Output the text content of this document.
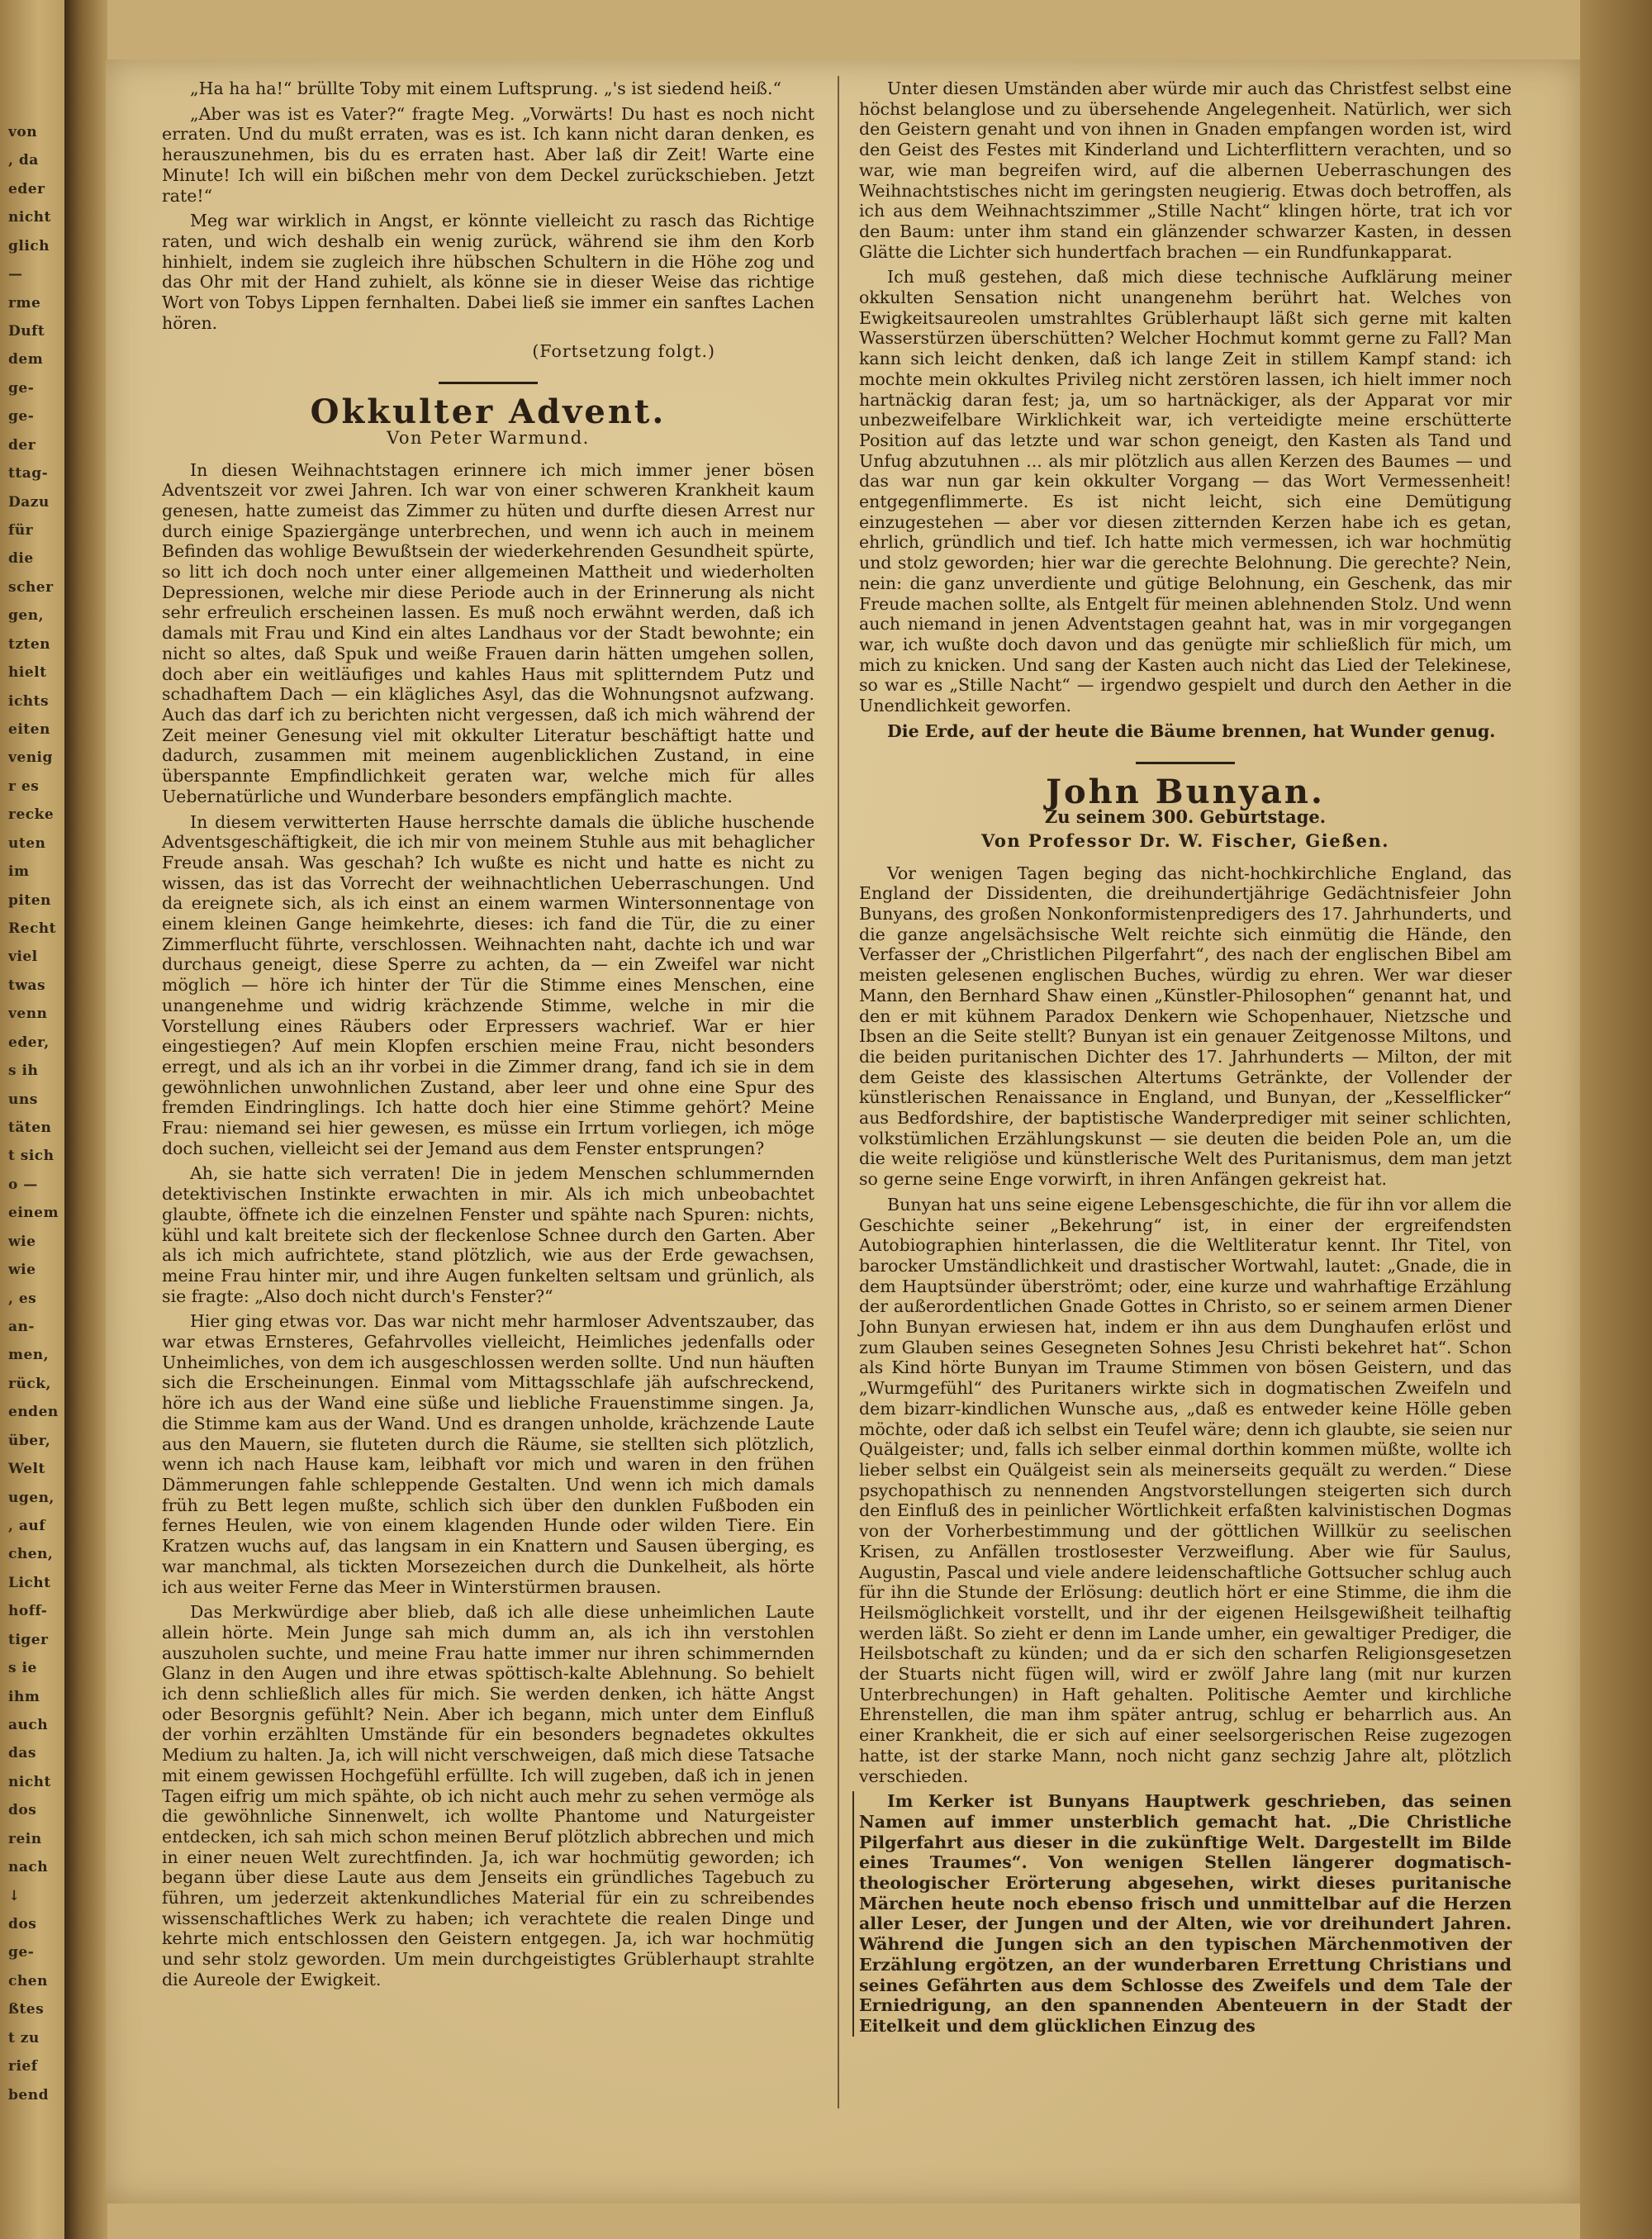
von
, da
eder
nicht
glich
—
rme
Duft
dem
ge-
ge-
der
ttag-
Dazu
für
die
scher
gen,
tzten
hielt
ichts
eiten
venig
r es
recke
uten
im
piten
Recht
viel
twas
venn
eder,
s ih
uns
täten
t sich
o —
einem
wie
wie
, es
an-
men,
rück,
enden
über,
Welt
ugen,
, auf
chen,
Licht
hoff-
tiger
s ie
ihm
auch
das
nicht
dos
rein
nach
↓
dos
ge-
chen
ßtes
t zu
rief
bend

„Ha ha ha!“ brüllte Toby mit einem Luftsprung. „'s ist siedend heiß.“

„Aber was ist es Vater?“ fragte Meg. „Vorwärts! Du hast es noch nicht erraten. Und du mußt erraten, was es ist. Ich kann nicht daran denken, es herauszunehmen, bis du es erraten hast. Aber laß dir Zeit! Warte eine Minute! Ich will ein bißchen mehr von dem Deckel zurückschieben. Jetzt rate!“

Meg war wirklich in Angst, er könnte vielleicht zu rasch das Richtige raten, und wich deshalb ein wenig zurück, während sie ihm den Korb hinhielt, indem sie zugleich ihre hübschen Schultern in die Höhe zog und das Ohr mit der Hand zuhielt, als könne sie in dieser Weise das richtige Wort von Tobys Lippen fernhalten. Dabei ließ sie immer ein sanftes Lachen hören.

(Fortsetzung folgt.)

Okkulter Advent.

Von Peter Warmund.

In diesen Weihnachtstagen erinnere ich mich immer jener bösen Adventszeit vor zwei Jahren. Ich war von einer schweren Krankheit kaum genesen, hatte zumeist das Zimmer zu hüten und durfte diesen Arrest nur durch einige Spaziergänge unterbrechen, und wenn ich auch in meinem Befinden das wohlige Bewußtsein der wiederkehrenden Gesundheit spürte, so litt ich doch noch unter einer allgemeinen Mattheit und wiederholten Depressionen, welche mir diese Periode auch in der Erinnerung als nicht sehr erfreulich erscheinen lassen. Es muß noch erwähnt werden, daß ich damals mit Frau und Kind ein altes Landhaus vor der Stadt bewohnte; ein nicht so altes, daß Spuk und weiße Frauen darin hätten umgehen sollen, doch aber ein weitläufiges und kahles Haus mit splitterndem Putz und schadhaftem Dach — ein klägliches Asyl, das die Wohnungsnot aufzwang. Auch das darf ich zu berichten nicht vergessen, daß ich mich während der Zeit meiner Genesung viel mit okkulter Literatur beschäftigt hatte und dadurch, zusammen mit meinem augenblicklichen Zustand, in eine überspannte Empfindlichkeit geraten war, welche mich für alles Uebernatürliche und Wunderbare besonders empfänglich machte.

In diesem verwitterten Hause herrschte damals die übliche huschende Adventsgeschäftigkeit, die ich mir von meinem Stuhle aus mit behaglicher Freude ansah. Was geschah? Ich wußte es nicht und hatte es nicht zu wissen, das ist das Vorrecht der weihnachtlichen Ueberraschungen. Und da ereignete sich, als ich einst an einem warmen Wintersonnentage von einem kleinen Gange heimkehrte, dieses: ich fand die Tür, die zu einer Zimmerflucht führte, verschlossen. Weihnachten naht, dachte ich und war durchaus geneigt, diese Sperre zu achten, da — ein Zweifel war nicht möglich — höre ich hinter der Tür die Stimme eines Menschen, eine unangenehme und widrig krächzende Stimme, welche in mir die Vorstellung eines Räubers oder Erpressers wachrief. War er hier eingestiegen? Auf mein Klopfen erschien meine Frau, nicht besonders erregt, und als ich an ihr vorbei in die Zimmer drang, fand ich sie in dem gewöhnlichen unwohnlichen Zustand, aber leer und ohne eine Spur des fremden Eindringlings. Ich hatte doch hier eine Stimme gehört? Meine Frau: niemand sei hier gewesen, es müsse ein Irrtum vorliegen, ich möge doch suchen, vielleicht sei der Jemand aus dem Fenster entsprungen?

Ah, sie hatte sich verraten! Die in jedem Menschen schlummernden detektivischen Instinkte erwachten in mir. Als ich mich unbeobachtet glaubte, öffnete ich die einzelnen Fenster und spähte nach Spuren: nichts, kühl und kalt breitete sich der fleckenlose Schnee durch den Garten. Aber als ich mich aufrichtete, stand plötzlich, wie aus der Erde gewachsen, meine Frau hinter mir, und ihre Augen funkelten seltsam und grünlich, als sie fragte: „Also doch nicht durch's Fenster?“

Hier ging etwas vor. Das war nicht mehr harmloser Adventszauber, das war etwas Ernsteres, Gefahrvolles vielleicht, Heimliches jedenfalls oder Unheimliches, von dem ich ausgeschlossen werden sollte. Und nun häuften sich die Erscheinungen. Einmal vom Mittagsschlafe jäh aufschreckend, höre ich aus der Wand eine süße und liebliche Frauenstimme singen. Ja, die Stimme kam aus der Wand. Und es drangen unholde, krächzende Laute aus den Mauern, sie fluteten durch die Räume, sie stellten sich plötzlich, wenn ich nach Hause kam, leibhaft vor mich und waren in den frühen Dämmerungen fahle schleppende Gestalten. Und wenn ich mich damals früh zu Bett legen mußte, schlich sich über den dunklen Fußboden ein fernes Heulen, wie von einem klagenden Hunde oder wilden Tiere. Ein Kratzen wuchs auf, das langsam in ein Knattern und Sausen überging, es war manchmal, als tickten Morsezeichen durch die Dunkelheit, als hörte ich aus weiter Ferne das Meer in Winterstürmen brausen.

Das Merkwürdige aber blieb, daß ich alle diese unheimlichen Laute allein hörte. Mein Junge sah mich dumm an, als ich ihn verstohlen auszuholen suchte, und meine Frau hatte immer nur ihren schimmernden Glanz in den Augen und ihre etwas spöttisch-kalte Ablehnung. So behielt ich denn schließlich alles für mich. Sie werden denken, ich hätte Angst oder Besorgnis gefühlt? Nein. Aber ich begann, mich unter dem Einfluß der vorhin erzählten Umstände für ein besonders begnadetes okkultes Medium zu halten. Ja, ich will nicht verschweigen, daß mich diese Tatsache mit einem gewissen Hochgefühl erfüllte. Ich will zugeben, daß ich in jenen Tagen eifrig um mich spähte, ob ich nicht auch mehr zu sehen vermöge als die gewöhnliche Sinnenwelt, ich wollte Phantome und Naturgeister entdecken, ich sah mich schon meinen Beruf plötzlich abbrechen und mich in einer neuen Welt zurechtfinden. Ja, ich war hochmütig geworden; ich begann über diese Laute aus dem Jenseits ein gründliches Tagebuch zu führen, um jederzeit aktenkundliches Material für ein zu schreibendes wissenschaftliches Werk zu haben; ich verachtete die realen Dinge und kehrte mich entschlossen den Geistern entgegen. Ja, ich war hochmütig und sehr stolz geworden. Um mein durchgeistigtes Grüblerhaupt strahlte die Aureole der Ewigkeit.

Unter diesen Umständen aber würde mir auch das Christfest selbst eine höchst belanglose und zu übersehende Angelegenheit. Natürlich, wer sich den Geistern genaht und von ihnen in Gnaden empfangen worden ist, wird den Geist des Festes mit Kinderland und Lichterflittern verachten, und so war, wie man begreifen wird, auf die albernen Ueberraschungen des Weihnachtstisches nicht im geringsten neugierig. Etwas doch betroffen, als ich aus dem Weihnachtszimmer „Stille Nacht“ klingen hörte, trat ich vor den Baum: unter ihm stand ein glänzender schwarzer Kasten, in dessen Glätte die Lichter sich hundertfach brachen — ein Rundfunkapparat.

Ich muß gestehen, daß mich diese technische Aufklärung meiner okkulten Sensation nicht unangenehm berührt hat. Welches von Ewigkeitsaureolen umstrahltes Grüblerhaupt läßt sich gerne mit kalten Wasserstürzen überschütten? Welcher Hochmut kommt gerne zu Fall? Man kann sich leicht denken, daß ich lange Zeit in stillem Kampf stand: ich mochte mein okkultes Privileg nicht zerstören lassen, ich hielt immer noch hartnäckig daran fest; ja, um so hartnäckiger, als der Apparat vor mir unbezweifelbare Wirklichkeit war, ich verteidigte meine erschütterte Position auf das letzte und war schon geneigt, den Kasten als Tand und Unfug abzutuhnen ... als mir plötzlich aus allen Kerzen des Baumes — und das war nun gar kein okkulter Vorgang — das Wort Vermessenheit! entgegenflimmerte. Es ist nicht leicht, sich eine Demütigung einzugestehen — aber vor diesen zitternden Kerzen habe ich es getan, ehrlich, gründlich und tief. Ich hatte mich vermessen, ich war hochmütig und stolz geworden; hier war die gerechte Belohnung. Die gerechte? Nein, nein: die ganz unverdiente und gütige Belohnung, ein Geschenk, das mir Freude machen sollte, als Entgelt für meinen ablehnenden Stolz. Und wenn auch niemand in jenen Adventstagen geahnt hat, was in mir vorgegangen war, ich wußte doch davon und das genügte mir schließlich für mich, um mich zu knicken. Und sang der Kasten auch nicht das Lied der Telekinese, so war es „Stille Nacht“ — irgendwo gespielt und durch den Aether in die Unendlichkeit geworfen.

Die Erde, auf der heute die Bäume brennen, hat Wunder genug.

John Bunyan.

Zu seinem 300. Geburtstage.

Von Professor Dr. W. Fischer, Gießen.

Vor wenigen Tagen beging das nicht-hochkirchliche England, das England der Dissidenten, die dreihundertjährige Gedächtnisfeier John Bunyans, des großen Nonkonformistenpredigers des 17. Jahrhunderts, und die ganze angelsächsische Welt reichte sich einmütig die Hände, den Verfasser der „Christlichen Pilgerfahrt“, des nach der englischen Bibel am meisten gelesenen englischen Buches, würdig zu ehren. Wer war dieser Mann, den Bernhard Shaw einen „Künstler-Philosophen“ genannt hat, und den er mit kühnem Paradox Denkern wie Schopenhauer, Nietzsche und Ibsen an die Seite stellt? Bunyan ist ein genauer Zeitgenosse Miltons, und die beiden puritanischen Dichter des 17. Jahrhunderts — Milton, der mit dem Geiste des klassischen Altertums Getränkte, der Vollender der künstlerischen Renaissance in England, und Bunyan, der „Kesselflicker“ aus Bedfordshire, der baptistische Wanderprediger mit seiner schlichten, volkstümlichen Erzählungskunst — sie deuten die beiden Pole an, um die die weite religiöse und künstlerische Welt des Puritanismus, dem man jetzt so gerne seine Enge vorwirft, in ihren Anfängen gekreist hat.

Bunyan hat uns seine eigene Lebensgeschichte, die für ihn vor allem die Geschichte seiner „Bekehrung“ ist, in einer der ergreifendsten Autobiographien hinterlassen, die die Weltliteratur kennt. Ihr Titel, von barocker Umständlichkeit und drastischer Wortwahl, lautet: „Gnade, die in dem Hauptsünder überströmt; oder, eine kurze und wahrhaftige Erzählung der außerordentlichen Gnade Gottes in Christo, so er seinem armen Diener John Bunyan erwiesen hat, indem er ihn aus dem Dunghaufen erlöst und zum Glauben seines Gesegneten Sohnes Jesu Christi bekehret hat“. Schon als Kind hörte Bunyan im Traume Stimmen von bösen Geistern, und das „Wurmgefühl“ des Puritaners wirkte sich in dogmatischen Zweifeln und dem bizarr-kindlichen Wunsche aus, „daß es entweder keine Hölle geben möchte, oder daß ich selbst ein Teufel wäre; denn ich glaubte, sie seien nur Quälgeister; und, falls ich selber einmal dorthin kommen müßte, wollte ich lieber selbst ein Quälgeist sein als meinerseits gequält zu werden.“ Diese psychopathisch zu nennenden Angstvorstellungen steigerten sich durch den Einfluß des in peinlicher Wörtlichkeit erfaßten kalvinistischen Dogmas von der Vorherbestimmung und der göttlichen Willkür zu seelischen Krisen, zu Anfällen trostlosester Verzweiflung. Aber wie für Saulus, Augustin, Pascal und viele andere leidenschaftliche Gottsucher schlug auch für ihn die Stunde der Erlösung: deutlich hört er eine Stimme, die ihm die Heilsmöglichkeit vorstellt, und ihr der eigenen Heilsgewißheit teilhaftig werden läßt. So zieht er denn im Lande umher, ein gewaltiger Prediger, die Heilsbotschaft zu künden; und da er sich den scharfen Religionsgesetzen der Stuarts nicht fügen will, wird er zwölf Jahre lang (mit nur kurzen Unterbrechungen) in Haft gehalten. Politische Aemter und kirchliche Ehrenstellen, die man ihm später antrug, schlug er beharrlich aus. An einer Krankheit, die er sich auf einer seelsorgerischen Reise zugezogen hatte, ist der starke Mann, noch nicht ganz sechzig Jahre alt, plötzlich verschieden.

Im Kerker ist Bunyans Hauptwerk geschrieben, das seinen Namen auf immer unsterblich gemacht hat. „Die Christliche Pilgerfahrt aus dieser in die zukünftige Welt. Dargestellt im Bilde eines Traumes“. Von wenigen Stellen längerer dogmatisch-theologischer Erörterung abgesehen, wirkt dieses puritanische Märchen heute noch ebenso frisch und unmittelbar auf die Herzen aller Leser, der Jungen und der Alten, wie vor dreihundert Jahren. Während die Jungen sich an den typischen Märchenmotiven der Erzählung ergötzen, an der wunderbaren Errettung Christians und seines Gefährten aus dem Schlosse des Zweifels und dem Tale der Erniedrigung, an den spannenden Abenteuern in der Stadt der Eitelkeit und dem glücklichen Einzug des
